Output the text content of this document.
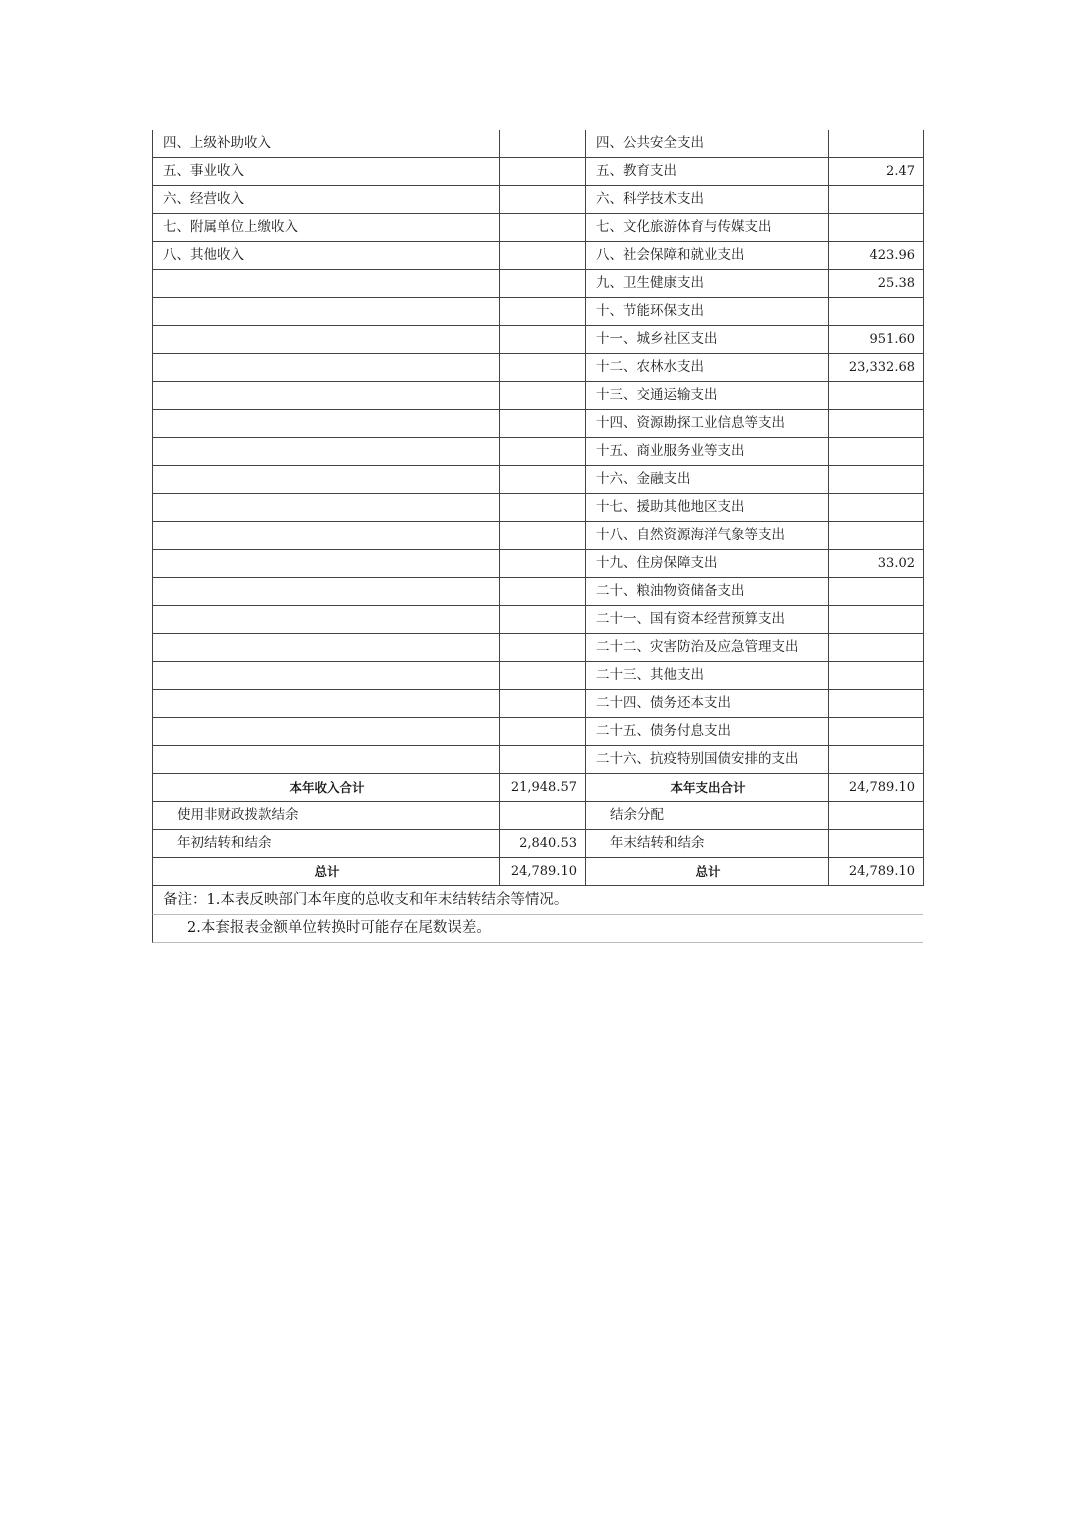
四、上级补助收入		四、公共安全支出	
五、事业收入		五、教育支出	2.47
六、经营收入		六、科学技术支出	
七、附属单位上缴收入		七、文化旅游体育与传媒支出	
八、其他收入		八、社会保障和就业支出	423.96
		九、卫生健康支出	25.38
		十、节能环保支出	
		十一、城乡社区支出	951.60
		十二、农林水支出	23,332.68
		十三、交通运输支出	
		十四、资源勘探工业信息等支出	
		十五、商业服务业等支出	
		十六、金融支出	
		十七、援助其他地区支出	
		十八、自然资源海洋气象等支出	
		十九、住房保障支出	33.02
		二十、粮油物资储备支出	
		二十一、国有资本经营预算支出	
		二十二、灾害防治及应急管理支出	
		二十三、其他支出	
		二十四、债务还本支出	
		二十五、债务付息支出	
		二十六、抗疫特别国债安排的支出	
本年收入合计	21,948.57	本年支出合计	24,789.10
使用非财政拨款结余		结余分配	
年初结转和结余	2,840.53	年末结转和结余	
总计	24,789.10	总计	24,789.10
备注：1.本表反映部门本年度的总收支和年末结转结余等情况。
2.本套报表金额单位转换时可能存在尾数误差。
